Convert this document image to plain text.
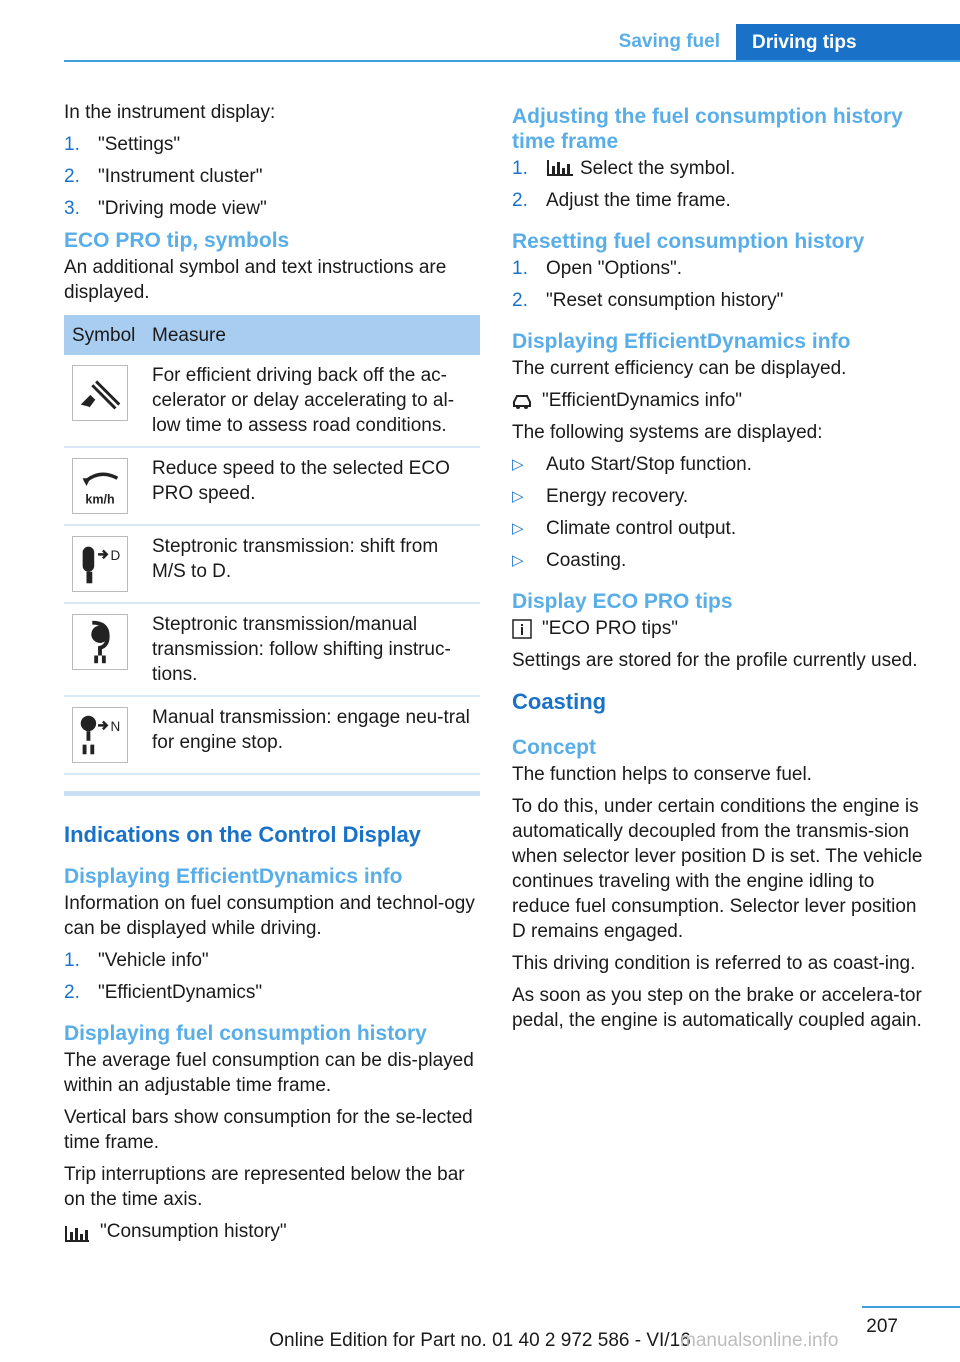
Saving fuel	Driving tips

In the instrument display:

1. "Settings"
2. "Instrument cluster"
3. "Driving mode view"
ECO PRO tip, symbols

An additional symbol and text instructions are displayed.

Symbol	Measure

	For efficient driving back off the ac-celerator or delay accelerating to al-low time to assess road conditions.

km/h	Reduce speed to the selected ECO PRO speed.

D	Steptronic transmission: shift from M/S to D.

	Steptronic transmission/manual transmission: follow shifting instruc-tions.

N	Manual transmission: engage neu-tral for engine stop.
Indications on the Control Display
Displaying EfficientDynamics info

Information on fuel consumption and technol-ogy can be displayed while driving.

1. "Vehicle info"
2. "EfficientDynamics"
Displaying fuel consumption history

The average fuel consumption can be dis-played within an adjustable time frame.

Vertical bars show consumption for the se-lected time frame.

Trip interruptions are represented below the bar on the time axis.

"Consumption history"
Adjusting the fuel consumption history time frame
1.	Select the symbol.
2. Adjust the time frame.
Resetting fuel consumption history
1. Open "Options".
2. "Reset consumption history"
Displaying EfficientDynamics info

The current efficiency can be displayed.

"EfficientDynamics info"

The following systems are displayed:

▷ Auto Start/Stop function.
▷ Energy recovery.
▷ Climate control output.
▷ Coasting.
Display ECO PRO tips
"ECO PRO tips"

Settings are stored for the profile currently used.

Coasting
Concept

The function helps to conserve fuel.

To do this, under certain conditions the engine is automatically decoupled from the transmis-sion when selector lever position D is set. The vehicle continues traveling with the engine idling to reduce fuel consumption. Selector lever position D remains engaged.

This driving condition is referred to as coast-ing.

As soon as you step on the brake or accelera-tor pedal, the engine is automatically coupled again.

207
Online Edition for Part no. 01 40 2 972 586 - VI/16
manualsonline.info
